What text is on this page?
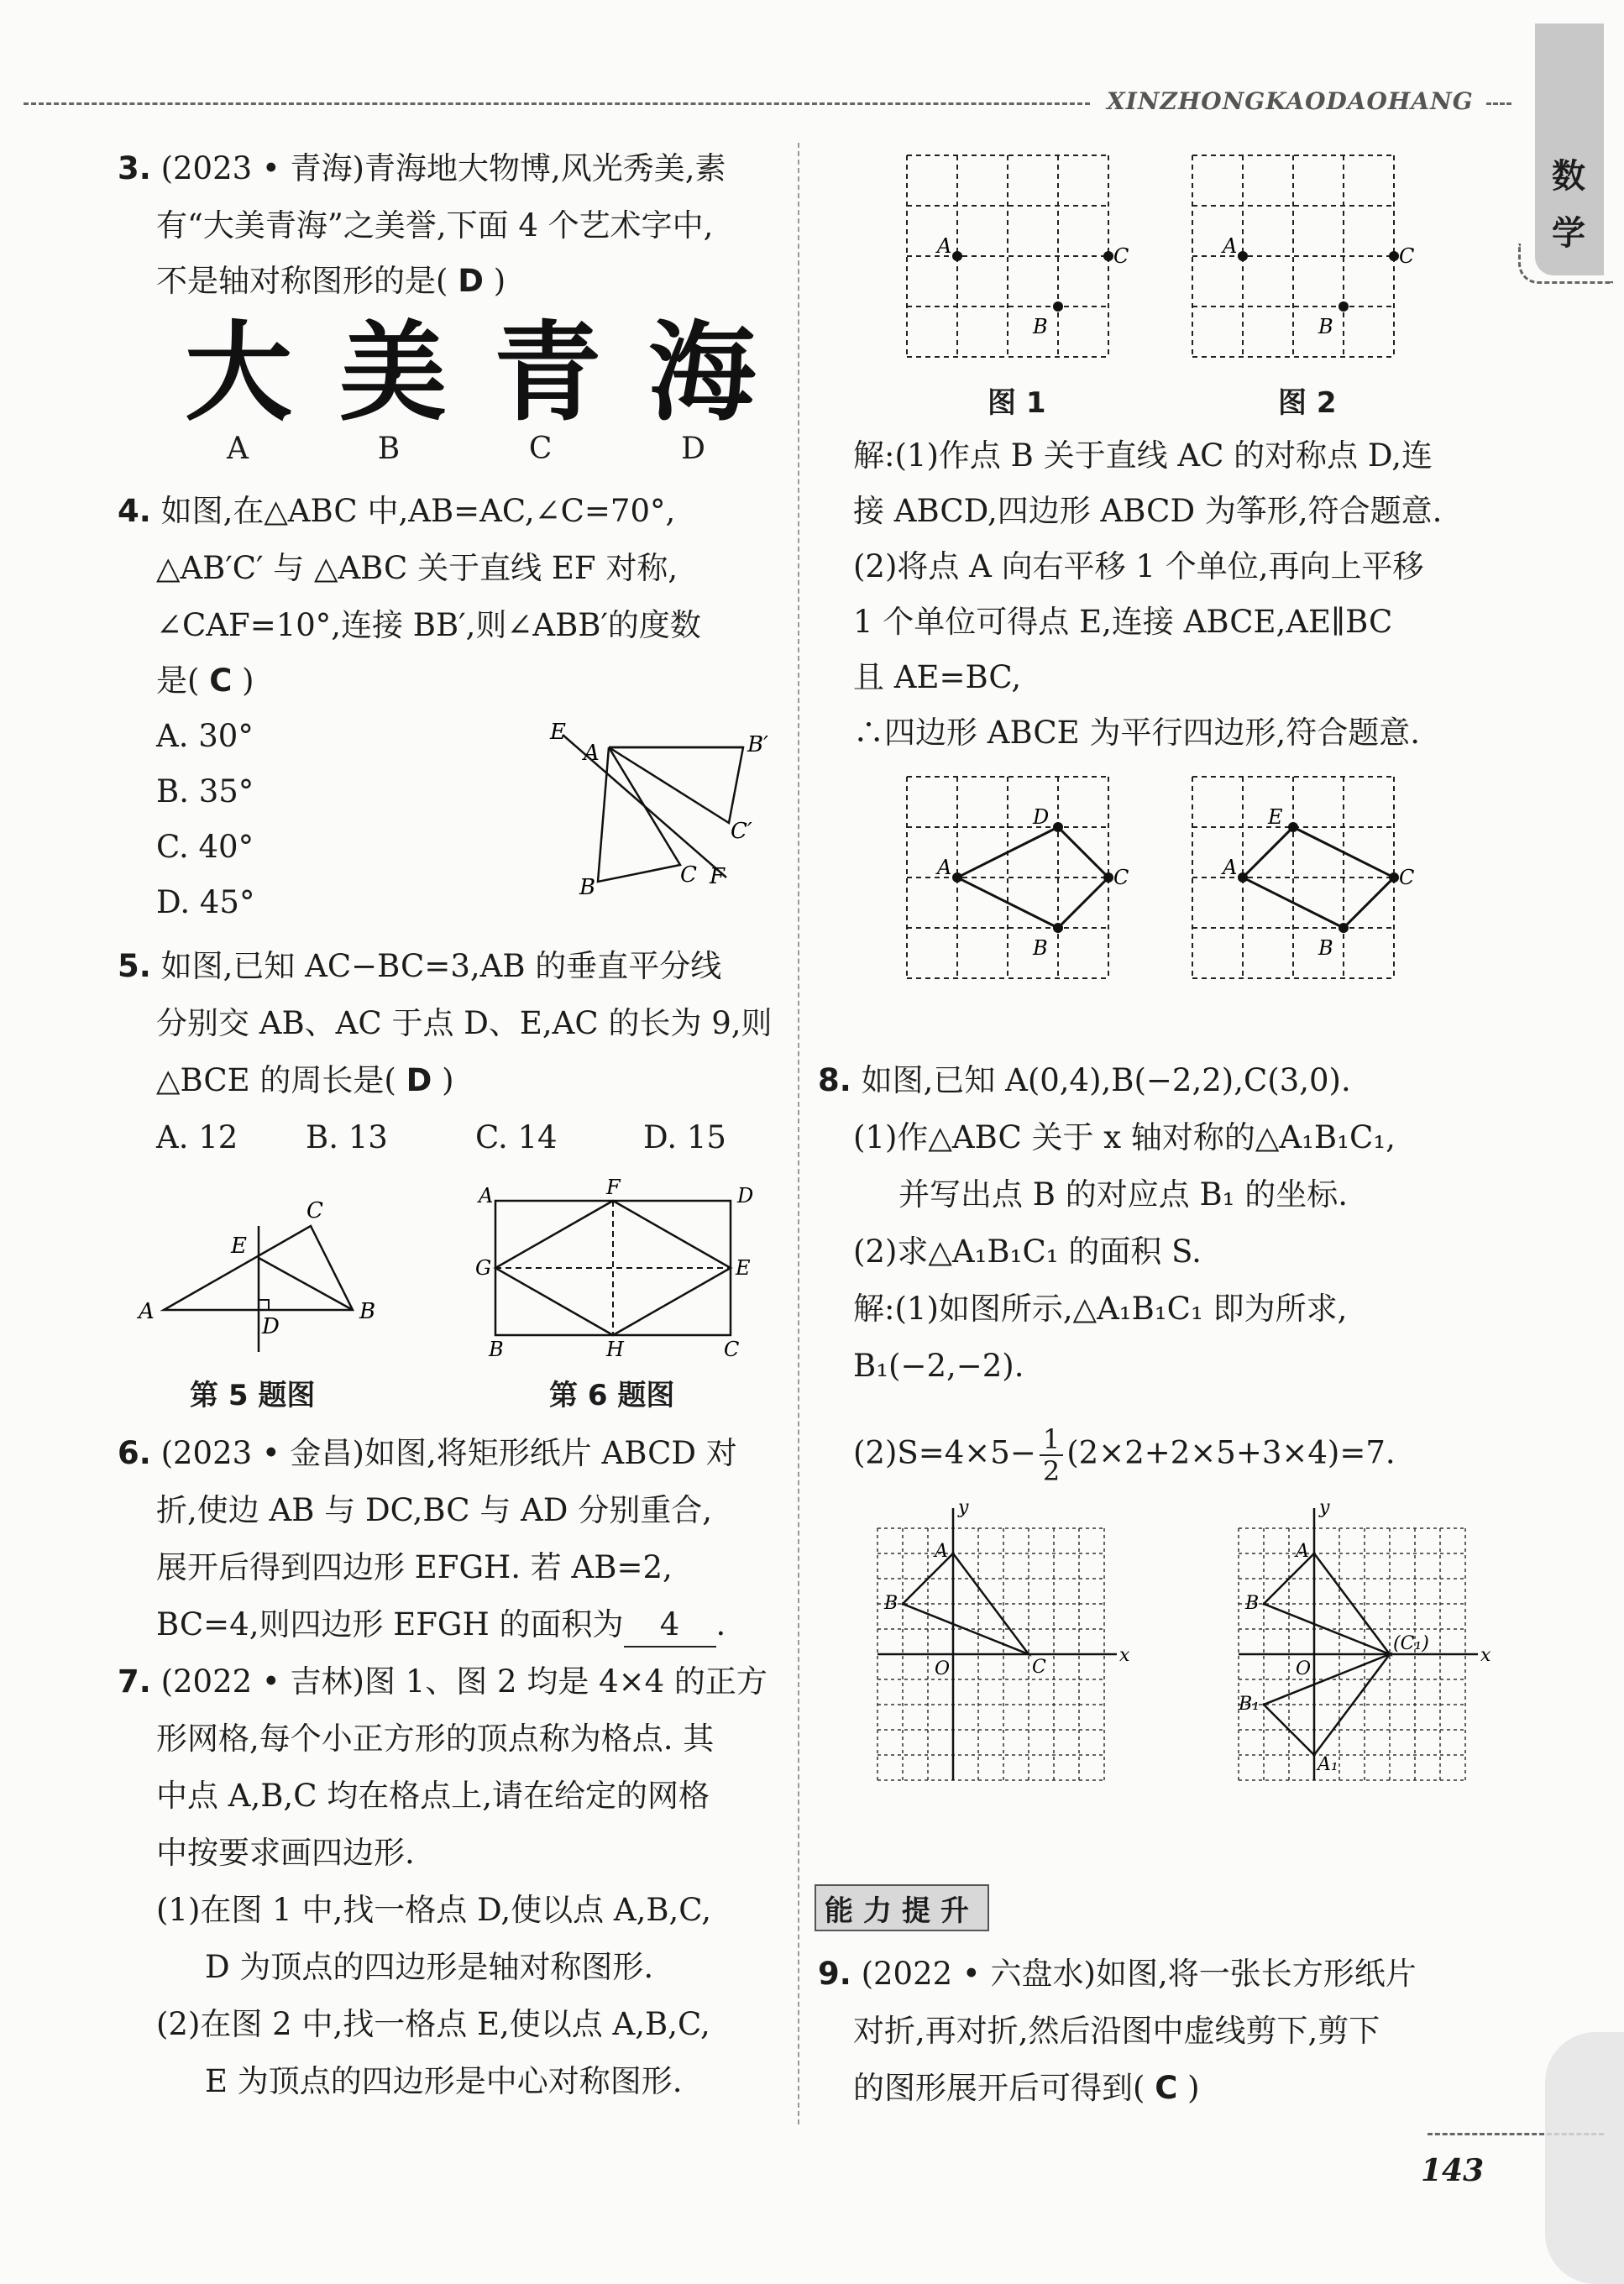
XINZHONGKAODAOHANG
数
学
3. (2023 • 青海)青海地大物博,风光秀美,素
有“大美青海”之美誉,下面 4 个艺术字中,
不是轴对称图形的是( D )
大 美 青 海
A	B	C	D
4. 如图,在△ABC 中,AB=AC,∠C=70°,
△AB′C′ 与 △ABC 关于直线 EF 对称,
∠CAF=10°,连接 BB′,则∠ABB′的度数
是( C )
A. 30°
B. 35°
C. 40°
D. 45°
E
A	B′
C′
B	C F
5. 如图,已知 AC−BC=3,AB 的垂直平分线
分别交 AB、AC 于点 D、E,AC 的长为 9,则
△BCE 的周长是( D )
A. 12 B. 13	C. 14	D. 15
A	B
C
D
E
第 5 题图
A	D
F
G	E
B	H	C
第 6 题图
6. (2023 • 金昌)如图,将矩形纸片 ABCD 对
折,使边 AB 与 DC,BC 与 AD 分别重合,
展开后得到四边形 EFGH. 若 AB=2,
BC=4,则四边形 EFGH 的面积为 4 .
7. (2022 • 吉林)图 1、图 2 均是 4×4 的正方
形网格,每个小正方形的顶点称为格点. 其
中点 A,B,C 均在格点上,请在给定的网格
中按要求画四边形.
(1)在图 1 中,找一格点 D,使以点 A,B,C,
D 为顶点的四边形是轴对称图形.
(2)在图 2 中,找一格点 E,使以点 A,B,C,
E 为顶点的四边形是中心对称图形.
A	C
B
A	C
B
图 1	图 2
解:(1)作点 B 关于直线 AC 的对称点 D,连
接 ABCD,四边形 ABCD 为筝形,符合题意.
(2)将点 A 向右平移 1 个单位,再向上平移
1 个单位可得点 E,连接 ABCE,AE∥BC
且 AE=BC,
∴四边形 ABCE 为平行四边形,符合题意.
A	C
B
D
A	C
B
E
8. 如图,已知 A(0,4),B(−2,2),C(3,0).
(1)作△ABC 关于 x 轴对称的△A₁B₁C₁,
并写出点 B 的对应点 B₁ 的坐标.
(2)求△A₁B₁C₁ 的面积 S.
解:(1)如图所示,△A₁B₁C₁ 即为所求,
B₁(−2,−2).
$(2)S=4\times 5- \frac{1}{2} (2\times 2+2\times 5+3\times 4)=7$.
x
y
O
A
B
C
x
y
O
A
B
(C₁)
B₁
A₁
能力提升
9. (2022 • 六盘水)如图,将一张长方形纸片
对折,再对折,然后沿图中虚线剪下,剪下
的图形展开后可得到( C )
143
